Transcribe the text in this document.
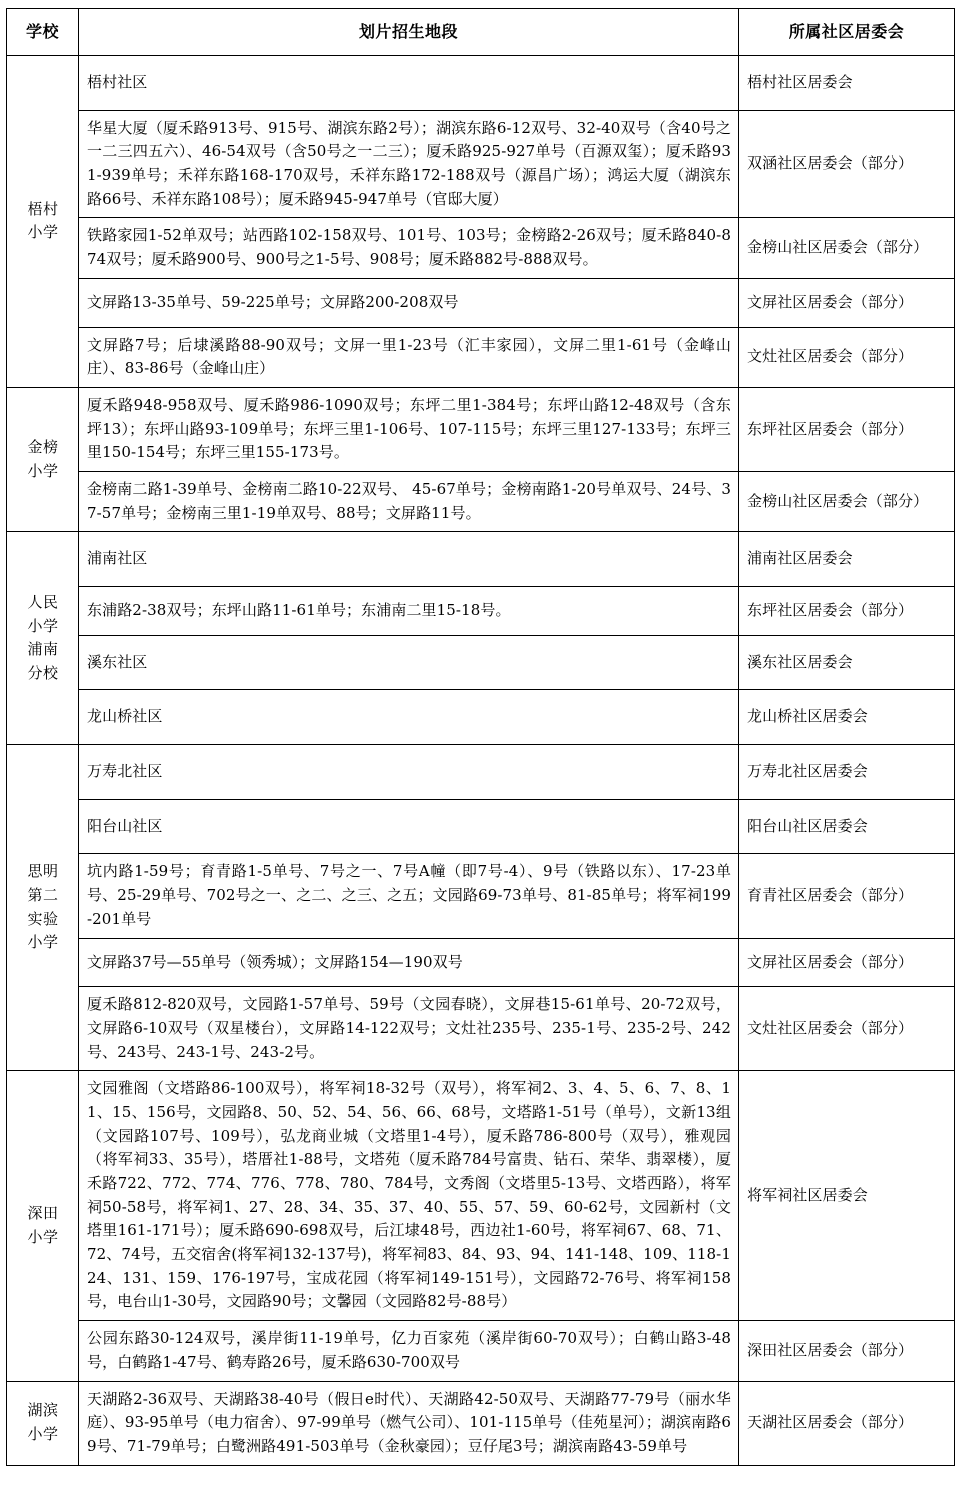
学校	划片招生地段	所属社区居委会
梧村小学	梧村社区	梧村社区居委会
	华星大厦（厦禾路913号、915号、湖滨东路2号）；湖滨东路6-12双号、32-40双号（含40号之一二三四五六）、46-54双号（含50号之一二三）；厦禾路925-927单号（百源双玺）；厦禾路931-939单号；禾祥东路168-170双号，禾祥东路172-188双号（源昌广场）；鸿运大厦（湖滨东路66号、禾祥东路108号）；厦禾路945-947单号（官邸大厦）	双涵社区居委会（部分）
	铁路家园1-52单双号；站西路102-158双号、101号、103号；金榜路2-26双号；厦禾路840-874双号；厦禾路900号、900号之1-5号、908号；厦禾路882号-888双号。	金榜山社区居委会（部分）
	文屏路13-35单号、59-225单号；文屏路200-208双号	文屏社区居委会（部分）
	文屏路7号；后埭溪路88-90双号；文屏一里1-23号（汇丰家园），文屏二里1-61号（金峰山庄）、83-86号（金峰山庄）	文灶社区居委会（部分）
金榜小学	厦禾路948-958双号、厦禾路986-1090双号；东坪二里1-384号；东坪山路12-48双号（含东坪13）；东坪山路93-109单号；东坪三里1-106号、107-115号；东坪三里127-133号；东坪三里150-154号；东坪三里155-173号。	东坪社区居委会（部分）
	金榜南二路1-39单号、金榜南二路10-22双号、 45-67单号；金榜南路1-20号单双号、24号、37-57单号；金榜南三里1-19单双号、88号；文屏路11号。	金榜山社区居委会（部分）
人民小学浦南分校	浦南社区	浦南社区居委会
	东浦路2-38双号；东坪山路11-61单号；东浦南二里15-18号。	东坪社区居委会（部分）
	溪东社区	溪东社区居委会
	龙山桥社区	龙山桥社区居委会
思明第二实验小学	万寿北社区	万寿北社区居委会
	阳台山社区	阳台山社区居委会
	坑内路1-59号；育青路1-5单号、7号之一、7号A幢（即7号-4）、9号（铁路以东）、17-23单号、25-29单号、702号之一、之二、之三、之五；文园路69-73单号、81-85单号；将军祠199-201单号	育青社区居委会（部分）
	文屏路37号—55单号（领秀城）；文屏路154—190双号	文屏社区居委会（部分）
	厦禾路812-820双号，文园路1-57单号、59号（文园春晓），文屏巷15-61单号、20-72双号，文屏路6-10双号（双星楼台），文屏路14-122双号；文灶社235号、235-1号、235-2号、242号、243号、243-1号、243-2号。	文灶社区居委会（部分）
深田小学	文园雅阁（文塔路86-100双号），将军祠18-32号（双号），将军祠2、3、4、5、6、7、8、11、15、156号，文园路8、50、52、54、56、66、68号，文塔路1-51号（单号），文新13组（文园路107号、109号），弘龙商业城（文塔里1-4号），厦禾路786-800号（双号），雅观园（将军祠33、35号），塔厝社1-88号，文塔苑（厦禾路784号富贵、钻石、荣华、翡翠楼），厦禾路722、772、774、776、778、780、784号，文秀阁（文塔里5-13号、文塔西路），将军祠50-58号，将军祠1、27、28、34、35、37、40、55、57、59、60-62号，文园新村（文塔里161-171号）；厦禾路690-698双号，后江埭48号，西边社1-60号，将军祠67、68、71、72、74号，五交宿舍(将军祠132-137号)，将军祠83、84、93、94、141-148、109、118-124、131、159、176-197号，宝成花园（将军祠149-151号），文园路72-76号、将军祠158号，电台山1-30号，文园路90号；文馨园（文园路82号-88号）	将军祠社区居委会
	公园东路30-124双号，溪岸街11-19单号，亿力百家苑（溪岸街60-70双号）；白鹤山路3-48号，白鹤路1-47号、鹤寿路26号，厦禾路630-700双号	深田社区居委会（部分）
湖滨小学	天湖路2-36双号、天湖路38-40号（假日e时代）、天湖路42-50双号、天湖路77-79号（丽水华庭）、93-95单号（电力宿舍）、97-99单号（燃气公司）、101-115单号（佳苑星河）；湖滨南路69号、71-79单号；白鹭洲路491-503单号（金秋豪园）；豆仔尾3号；湖滨南路43-59单号	天湖社区居委会（部分）
